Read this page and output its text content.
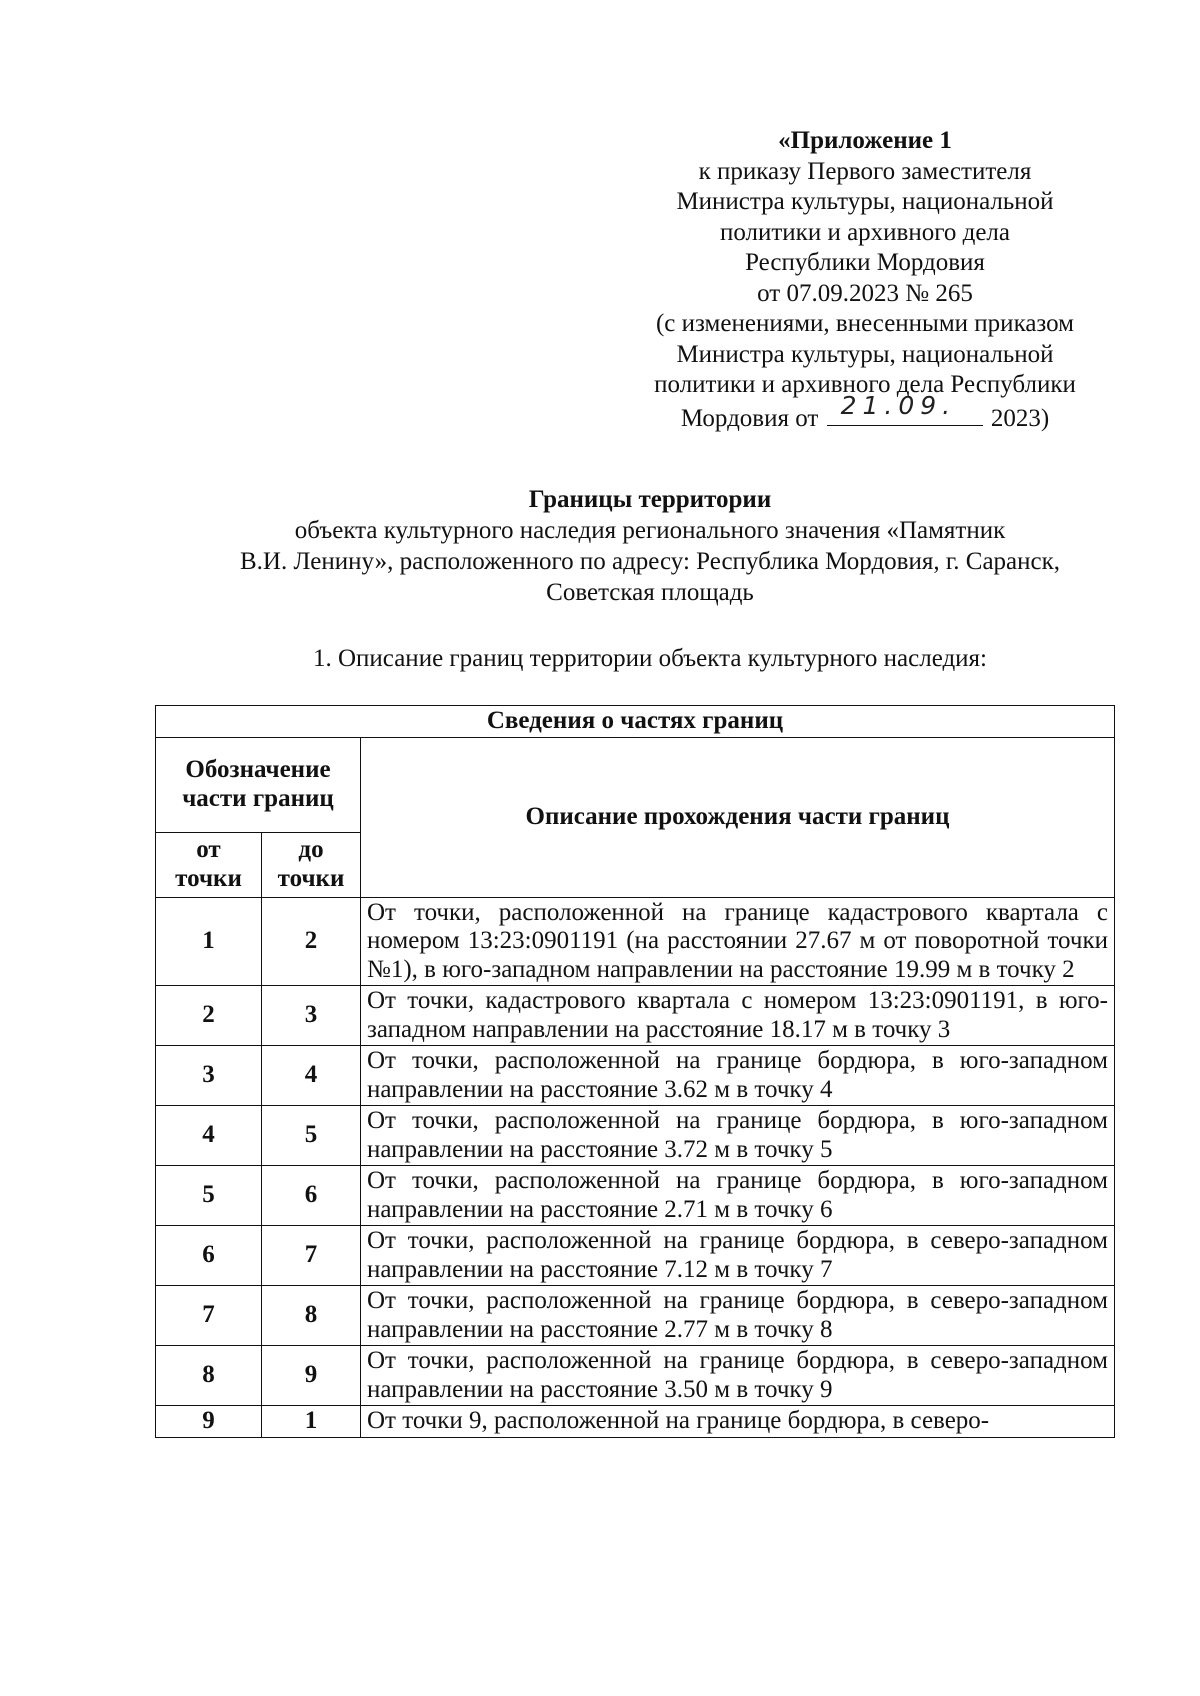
«Приложение 1
к приказу Первого заместителя
Министра культуры, национальной
политики и архивного дела
Республики Мордовия
от 07.09.2023 № 265
(с изменениями, внесенными приказом
Министра культуры, национальной
политики и архивного дела Республики
Мордовия от 21.09. 2023)
Границы территории
объекта культурного наследия регионального значения «Памятник
В.И. Ленину», расположенного по адресу: Республика Мордовия, г. Саранск,
Советская площадь
1. Описание границ территории объекта культурного наследия:
Сведения о частях границ		
Обозначение части границ		Описание прохождения части границ
от точки	до точки	
1	2	От точки, расположенной на границе кадастрового квартала с номером 13:23:0901191 (на расстоянии 27.67 м от поворотной точки №1), в юго-западном направлении на расстояние 19.99 м в точку 2
2	3	От точки, кадастрового квартала с номером 13:23:0901191, в юго-западном направлении на расстояние 18.17 м в точку 3
3	4	От точки, расположенной на границе бордюра, в юго-западном направлении на расстояние 3.62 м в точку 4
4	5	От точки, расположенной на границе бордюра, в юго-западном направлении на расстояние 3.72 м в точку 5
5	6	От точки, расположенной на границе бордюра, в юго-западном направлении на расстояние 2.71 м в точку 6
6	7	От точки, расположенной на границе бордюра, в северо-западном направлении на расстояние 7.12 м в точку 7
7	8	От точки, расположенной на границе бордюра, в северо-западном направлении на расстояние 2.77 м в точку 8
8	9	От точки, расположенной на границе бордюра, в северо-западном направлении на расстояние 3.50 м в точку 9
9	1	От точки 9, расположенной на границе бордюра, в северо-
